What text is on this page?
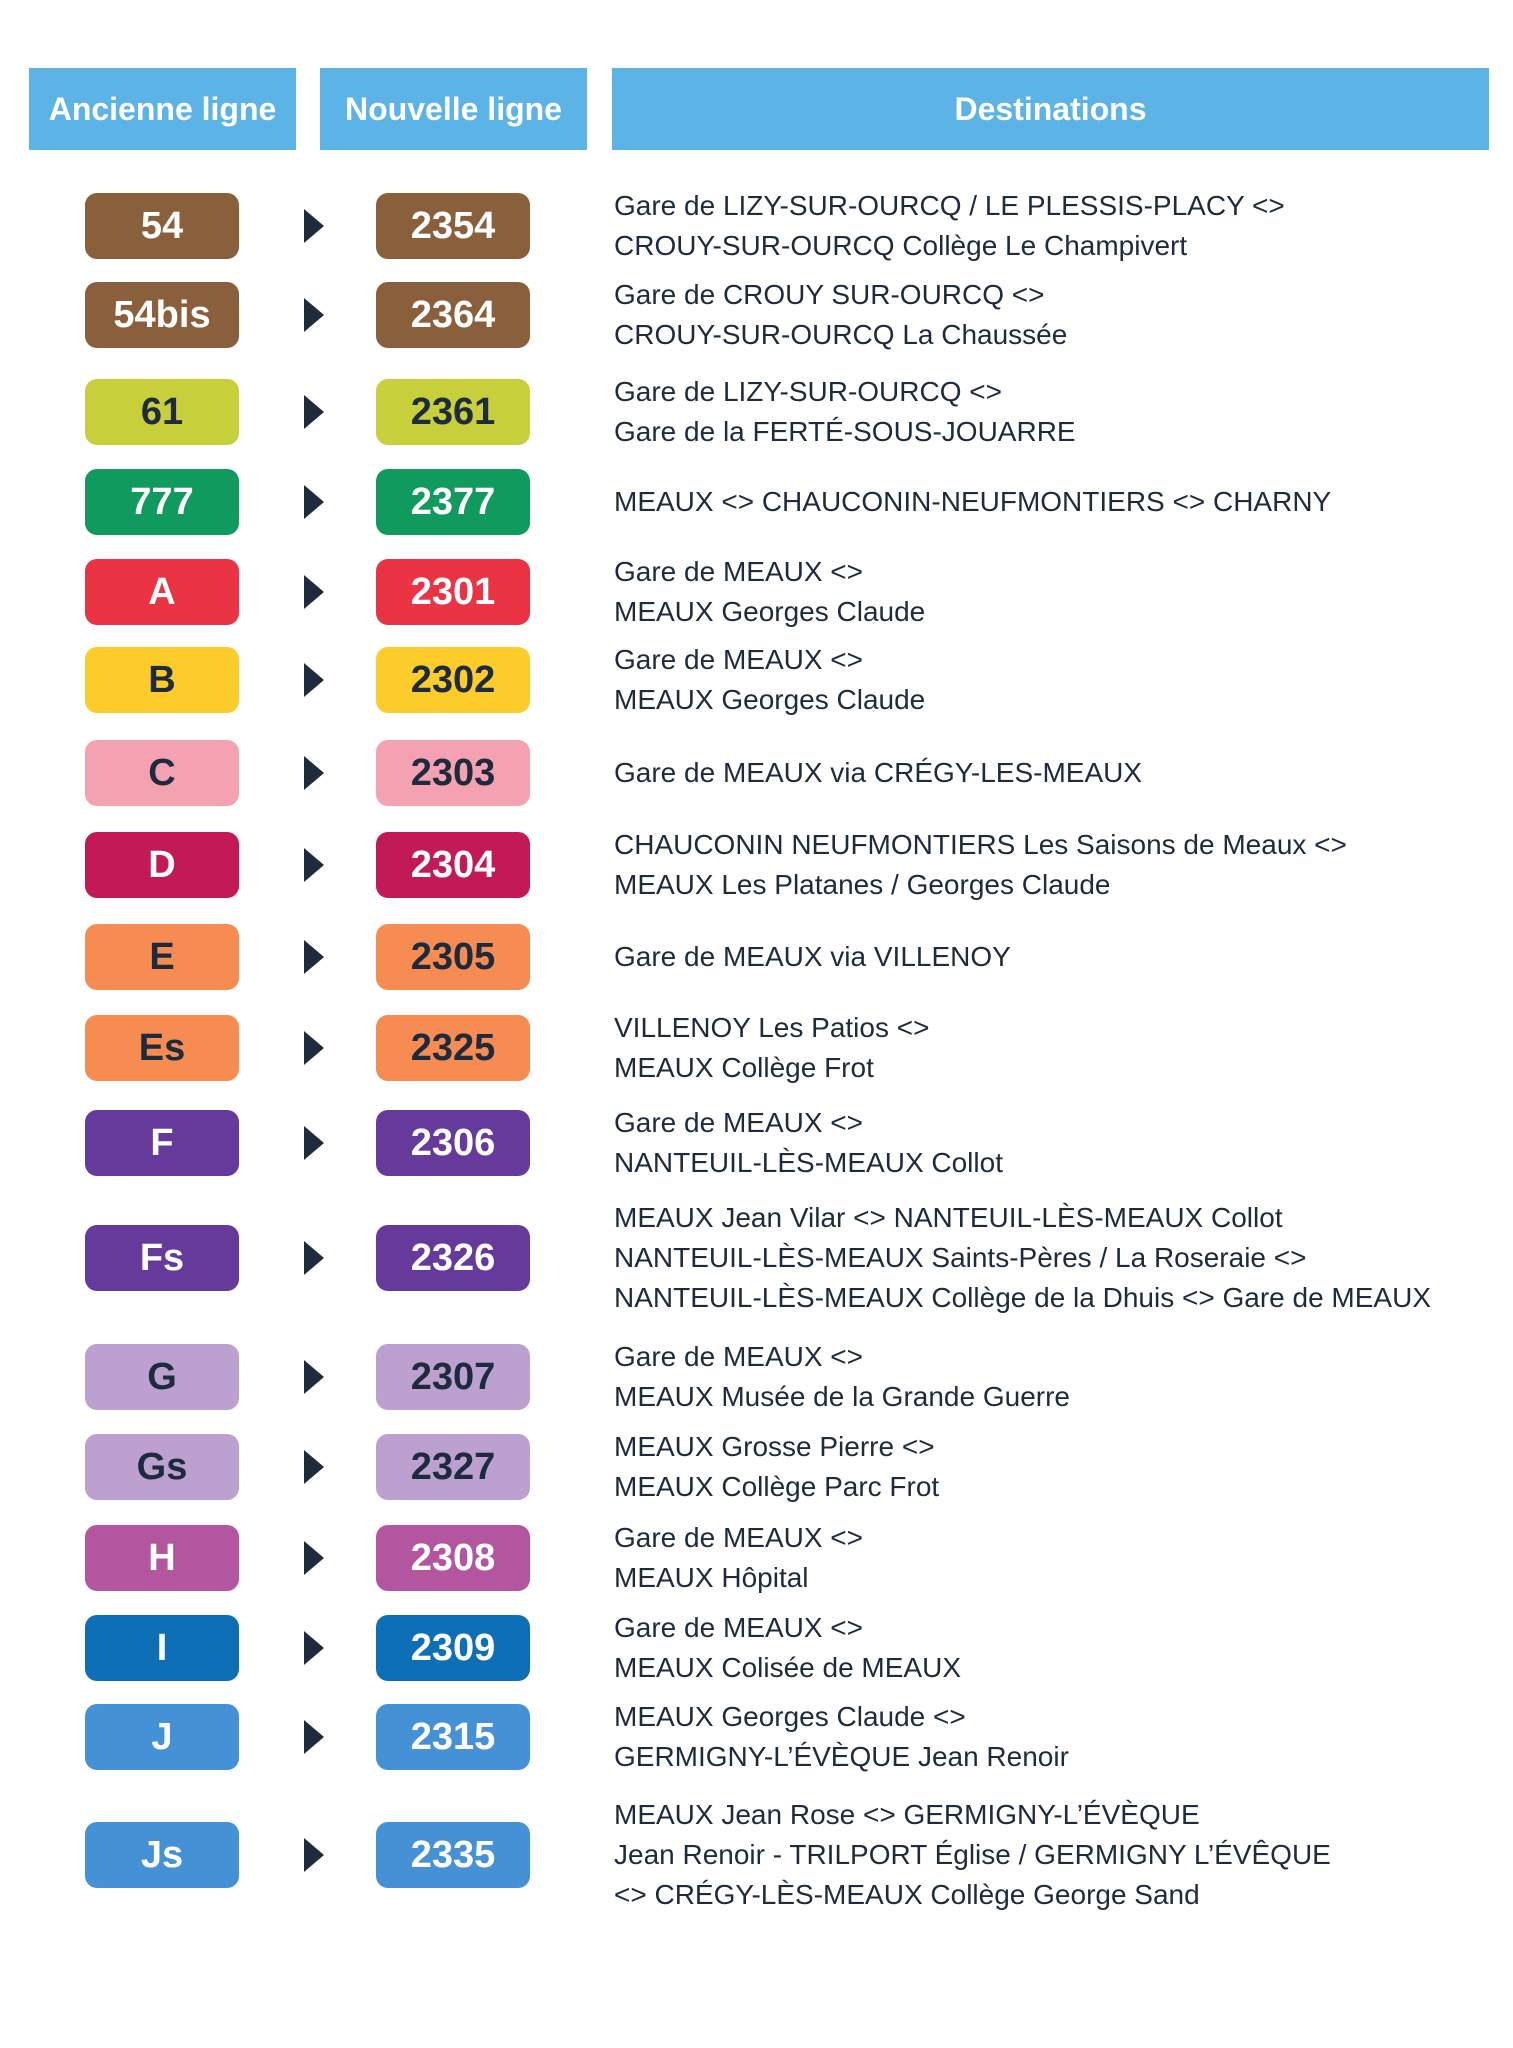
Ancienne ligne	Nouvelle ligne	Destinations
54	2354	Gare de LIZY-SUR-OURCQ / LE PLESSIS-PLACY <>
CROUY-SUR-OURCQ Collège Le Champivert
54bis	2364	Gare de CROUY SUR-OURCQ <>
CROUY-SUR-OURCQ La Chaussée
61	2361	Gare de LIZY-SUR-OURCQ <>
Gare de la FERTÉ-SOUS-JOUARRE
777	2377	MEAUX <> CHAUCONIN-NEUFMONTIERS <> CHARNY
A	2301	Gare de MEAUX <>
MEAUX Georges Claude
B	2302	Gare de MEAUX <>
MEAUX Georges Claude
C	2303	Gare de MEAUX via CRÉGY-LES-MEAUX
D	2304	CHAUCONIN NEUFMONTIERS Les Saisons de Meaux <>
MEAUX Les Platanes / Georges Claude
E	2305	Gare de MEAUX via VILLENOY
Es	2325	VILLENOY Les Patios <>
MEAUX Collège Frot
F	2306	Gare de MEAUX <>
NANTEUIL-LÈS-MEAUX Collot
Fs	2326
MEAUX Jean Vilar <> NANTEUIL-LÈS-MEAUX Collot
NANTEUIL-LÈS-MEAUX Saints-Pères / La Roseraie <>
NANTEUIL-LÈS-MEAUX Collège de la Dhuis <> Gare de MEAUX
G	2307	Gare de MEAUX <>
MEAUX Musée de la Grande Guerre
Gs	2327	MEAUX Grosse Pierre <>
MEAUX Collège Parc Frot
H	2308	Gare de MEAUX <>
MEAUX Hôpital
I	2309	Gare de MEAUX <>
MEAUX Colisée de MEAUX
J	2315	MEAUX Georges Claude <>
GERMIGNY-L’ÉVÈQUE Jean Renoir
Js	2335
MEAUX Jean Rose <> GERMIGNY-L’ÉVÈQUE
Jean Renoir - TRILPORT Église / GERMIGNY L’ÉVÊQUE
<> CRÉGY-LÈS-MEAUX Collège George Sand
